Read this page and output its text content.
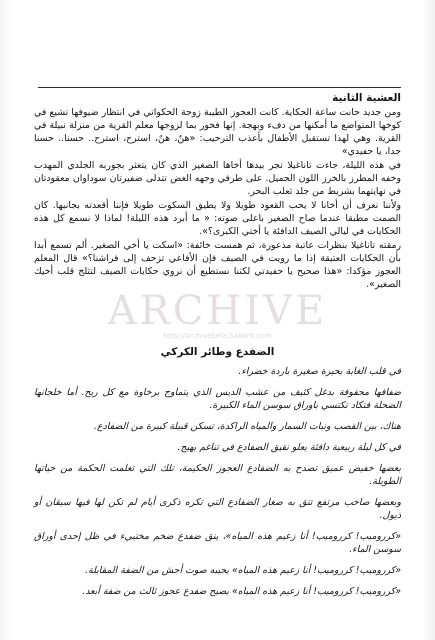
العشية الثانية

ومن جديد حانت ساعة الحكاية. كانت العجوز الطيبة زوجة الحكواتي في انتظار ضيوفها تشيع في كوخها المتواضع ما أمكنها من دفء وبهجة. إنها فخور بما لزوجها معلم القرية من منزلة نبيلة في القرية. وهي لهذا تستقبل الأطفال بأعذب الترحيب: «هنٌ، هنٌ، استرح، استرح.. حسنا.. حسنا جدا، يا حفيدي»

في هذه الليلة، جاءت تاناغيلا تجر بيدها أخاها الصغير الذي كان يتعثر بجوربه الجلدي المهدب وخفه المطرز بالخرز اللون الجميل. على طرفي وجهه الغض تتدلى ضفيرتان سوداوان معقودتان في نهايتهما بشريط من جلد ثعلب البحر.

ولأننا نعرف أن أخانا لا يحب القعود طويلا ولا يطيق السكوت طويلا فإننا أقعدته بجانبها. كان الصمت مطبقا عندما صاح الصغير باعلى صوته: « ما أبرد هذه الليلة! لماذا لا نسمع كل هذه الحكايات في ليالي الصيف الدافئة يا أختي الكبرى؟».

رمقته تاناغيلا بنظرات عاتبة مذعورة، ثم همست خائفة: «اسكت يا أخي الصغير. ألم تسمع أبدا بأن الحكايات العتيقة إذا ما رويت في الصيف فإن الأفاعي تزحف إلى فراشنا؟» قال المعلم العجوز مؤكدا: «هذا صحيح يا حفيدتي لكننا نستطيع أن نروي حكايات الصيف لتثلج قلب أخيك الصغير».

ARCHIVE
http://Archivebeta.Sakhrit.com
الضفدع وطائر الكركي

في قلب الغابة بحيرة صغيرة باردة خضراء.

ضفافها محفوفة بدغل كثيف من عشب الديس الذي يتماوج برخاوة مع كل ريح. أما خلجانها الضحلة فتكاد تكتسي باوراق سوسن الماء الكبيرة.

هناك، بين القصب ونبات السمار والمياه الراكدة، تسكن قبيلة كبيرة من الضفادع.

في كل ليلة ربيعية دافئة يعلو نقيق الضفادع في تناغم بهيج.

بعضها خفيض عميق تصدح به الضفادع العجوز الحكيمة، تلك التي تعلمت الحكمة من حياتها الطويلة.

وبعضها صاخب مرتفع تنق به صغار الضفادع التي تكره ذكرى أيام لم تكن لها فيها سيقان أو ذيول.

«كرروميب! كرروميب! أنا زعيم هذه المياه»، ينق ضفدع ضخم مختبيء في ظل إحدى أوراق سوسن الماء.

«كرروميب! كرروميب! أنا زعيم هذه المياه» يجيبه صوت أجش من الضفة المقابلة.

«كرروميب! كرروميب! أنا زعيم هذه المياه» يصيح ضفدع عجوز ثالث من ضفة أبعد.
